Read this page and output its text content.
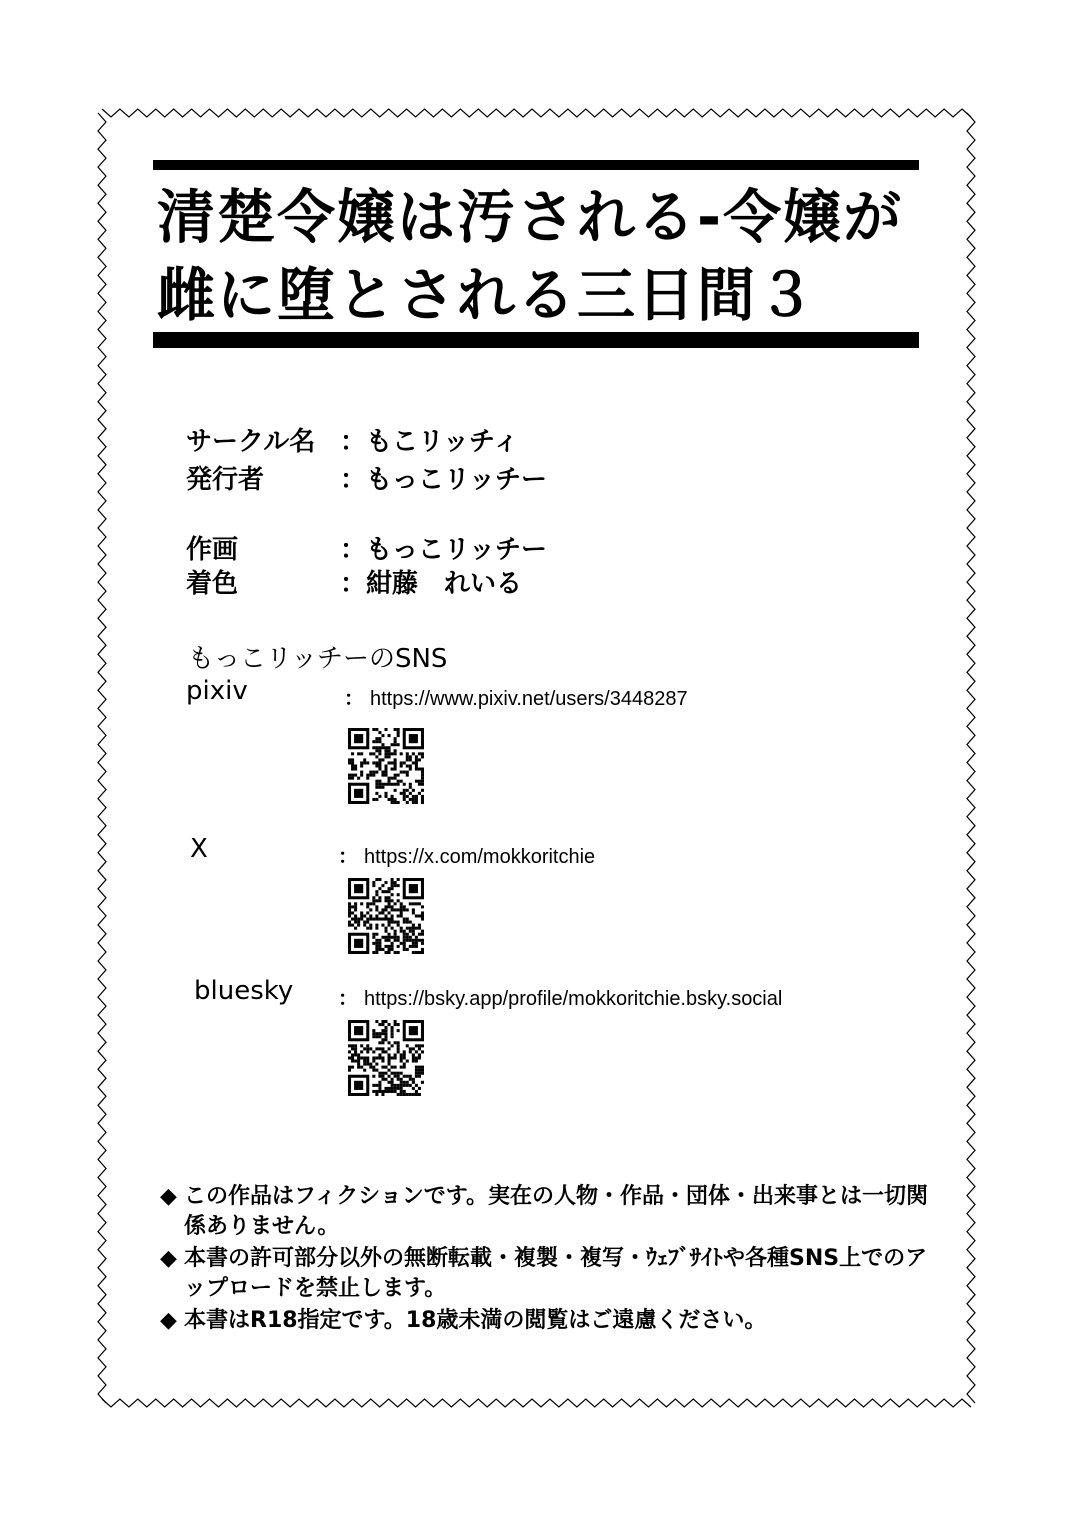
清楚令嬢は汚される-令嬢が
雌に堕とされる三日間３
サークル名 ：もこリッチィ
発行者	：もっこリッチー
作画	：もっこリッチー
着色	：紺藤　れいる
もっこリッチーのSNS
pixiv	： https://www.pixiv.net/users/3448287
X	： https://x.com/mokkoritchie
bluesky ： https://bsky.app/profile/mokkoritchie.bsky.social
◆ この作品はフィクションです。実在の人物・作品・団体・出来事とは一切関係ありません。
◆ 本書の許可部分以外の無断転載・複製・複写・ｳｪﾌﾞｻｲﾄや各種SNS上でのアップロードを禁止します。
◆ 本書はR18指定です。18歳未満の閲覧はご遠慮ください。
